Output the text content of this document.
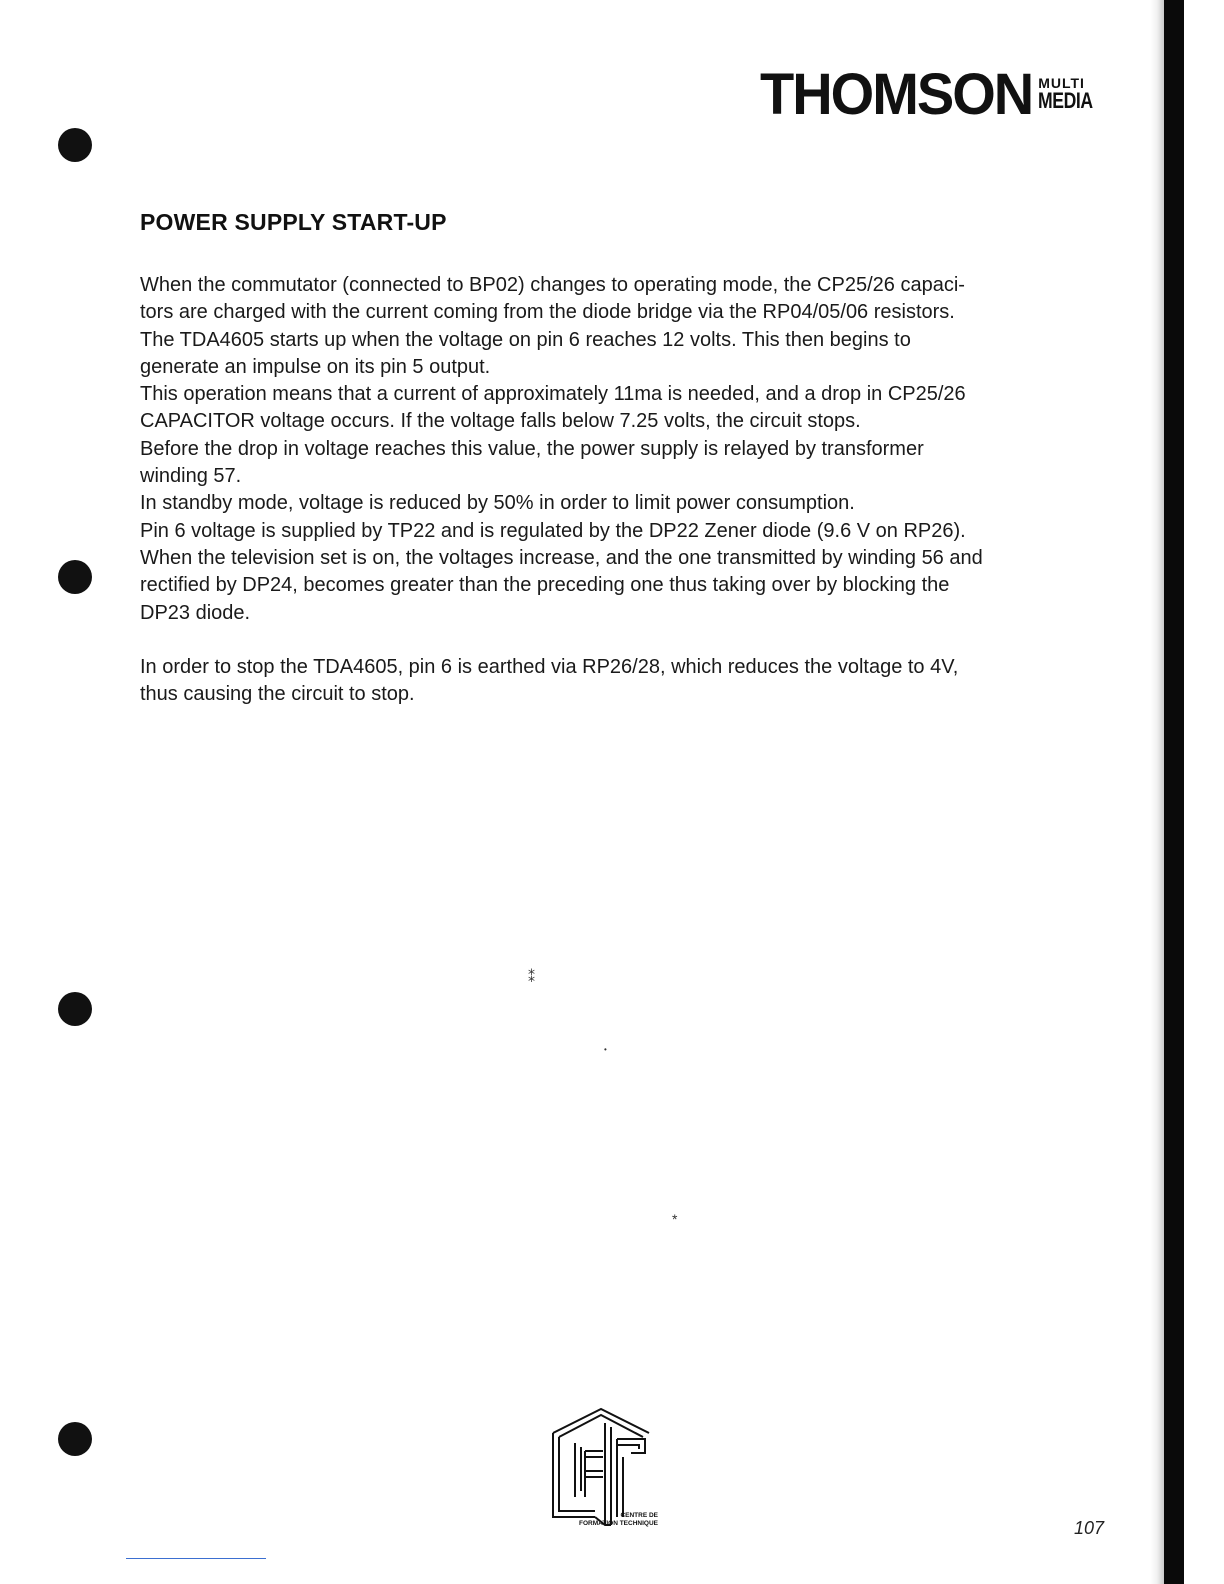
THOMSON MULTI
MEDIA
POWER SUPPLY START-UP

When the commutator (connected to BP02) changes to operating mode, the CP25/26 capaci-

tors are charged with the current coming from the diode bridge via the RP04/05/06 resistors.

The TDA4605 starts up when the voltage on pin 6 reaches 12 volts. This then begins to

generate an impulse on its pin 5 output.

This operation means that a current of approximately 11ma is needed, and a drop in CP25/26

CAPACITOR voltage occurs. If the voltage falls below 7.25 volts, the circuit stops.

Before the drop in voltage reaches this value, the power supply is relayed by transformer

winding 57.

In standby mode, voltage is reduced by 50% in order to limit power consumption.

Pin 6 voltage is supplied by TP22 and is regulated by the DP22 Zener diode (9.6 V on RP26).

When the television set is on, the voltages increase, and the one transmitted by winding 56 and

rectified by DP24, becomes greater than the preceding one thus taking over by blocking the

DP23 diode.

In order to stop the TDA4605, pin 6 is earthed via RP26/28, which reduces the voltage to 4V,

thus causing the circuit to stop.

CENTRE DE
FORMATION TECHNIQUE	107
⁑
*
•
